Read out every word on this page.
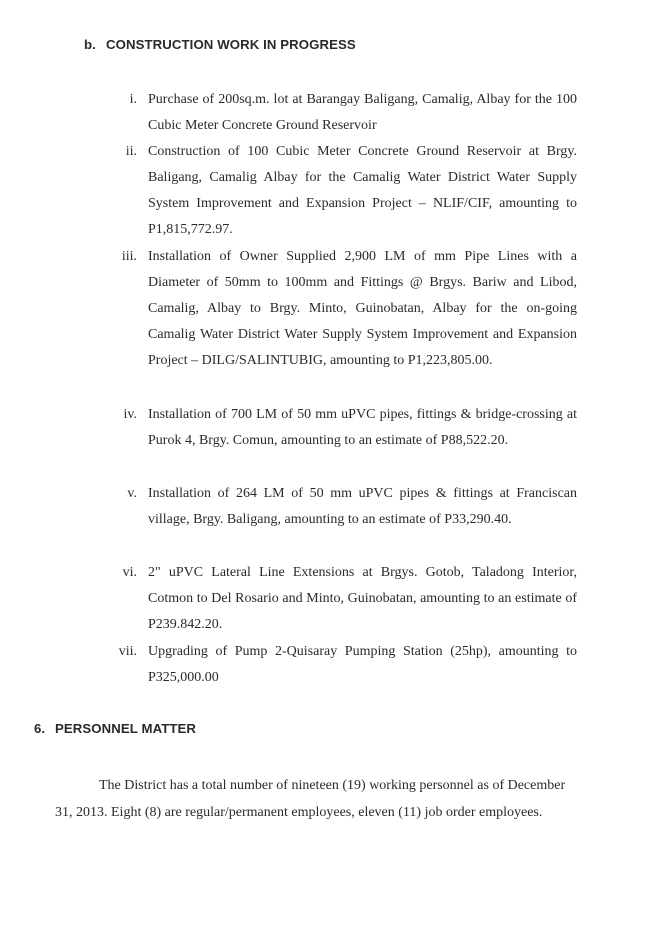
b. CONSTRUCTION WORK IN PROGRESS
i. Purchase of 200sq.m. lot at Barangay Baligang, Camalig, Albay for the 100 Cubic Meter Concrete Ground Reservoir
ii. Construction of 100 Cubic Meter Concrete Ground Reservoir at Brgy. Baligang, Camalig Albay for the Camalig Water District Water Supply System Improvement and Expansion Project – NLIF/CIF, amounting to P1,815,772.97.
iii. Installation of Owner Supplied 2,900 LM of mm Pipe Lines with a Diameter of 50mm to 100mm and Fittings @ Brgys. Bariw and Libod, Camalig, Albay to Brgy. Minto, Guinobatan, Albay for the on-going Camalig Water District Water Supply System Improvement and Expansion Project – DILG/SALINTUBIG, amounting to P1,223,805.00.
iv. Installation of 700 LM of 50 mm uPVC pipes, fittings & bridge-crossing at Purok 4, Brgy. Comun, amounting to an estimate of P88,522.20.
v. Installation of 264 LM of 50 mm uPVC pipes & fittings at Franciscan village, Brgy. Baligang, amounting to an estimate of P33,290.40.
vi. 2" uPVC Lateral Line Extensions at Brgys. Gotob, Taladong Interior, Cotmon to Del Rosario and Minto, Guinobatan, amounting to an estimate of P239.842.20.
vii. Upgrading of Pump 2-Quisaray Pumping Station (25hp), amounting to P325,000.00
6. PERSONNEL MATTER

The District has a total number of nineteen (19) working personnel as of December 31, 2013. Eight (8) are regular/permanent employees, eleven (11) job order employees.
